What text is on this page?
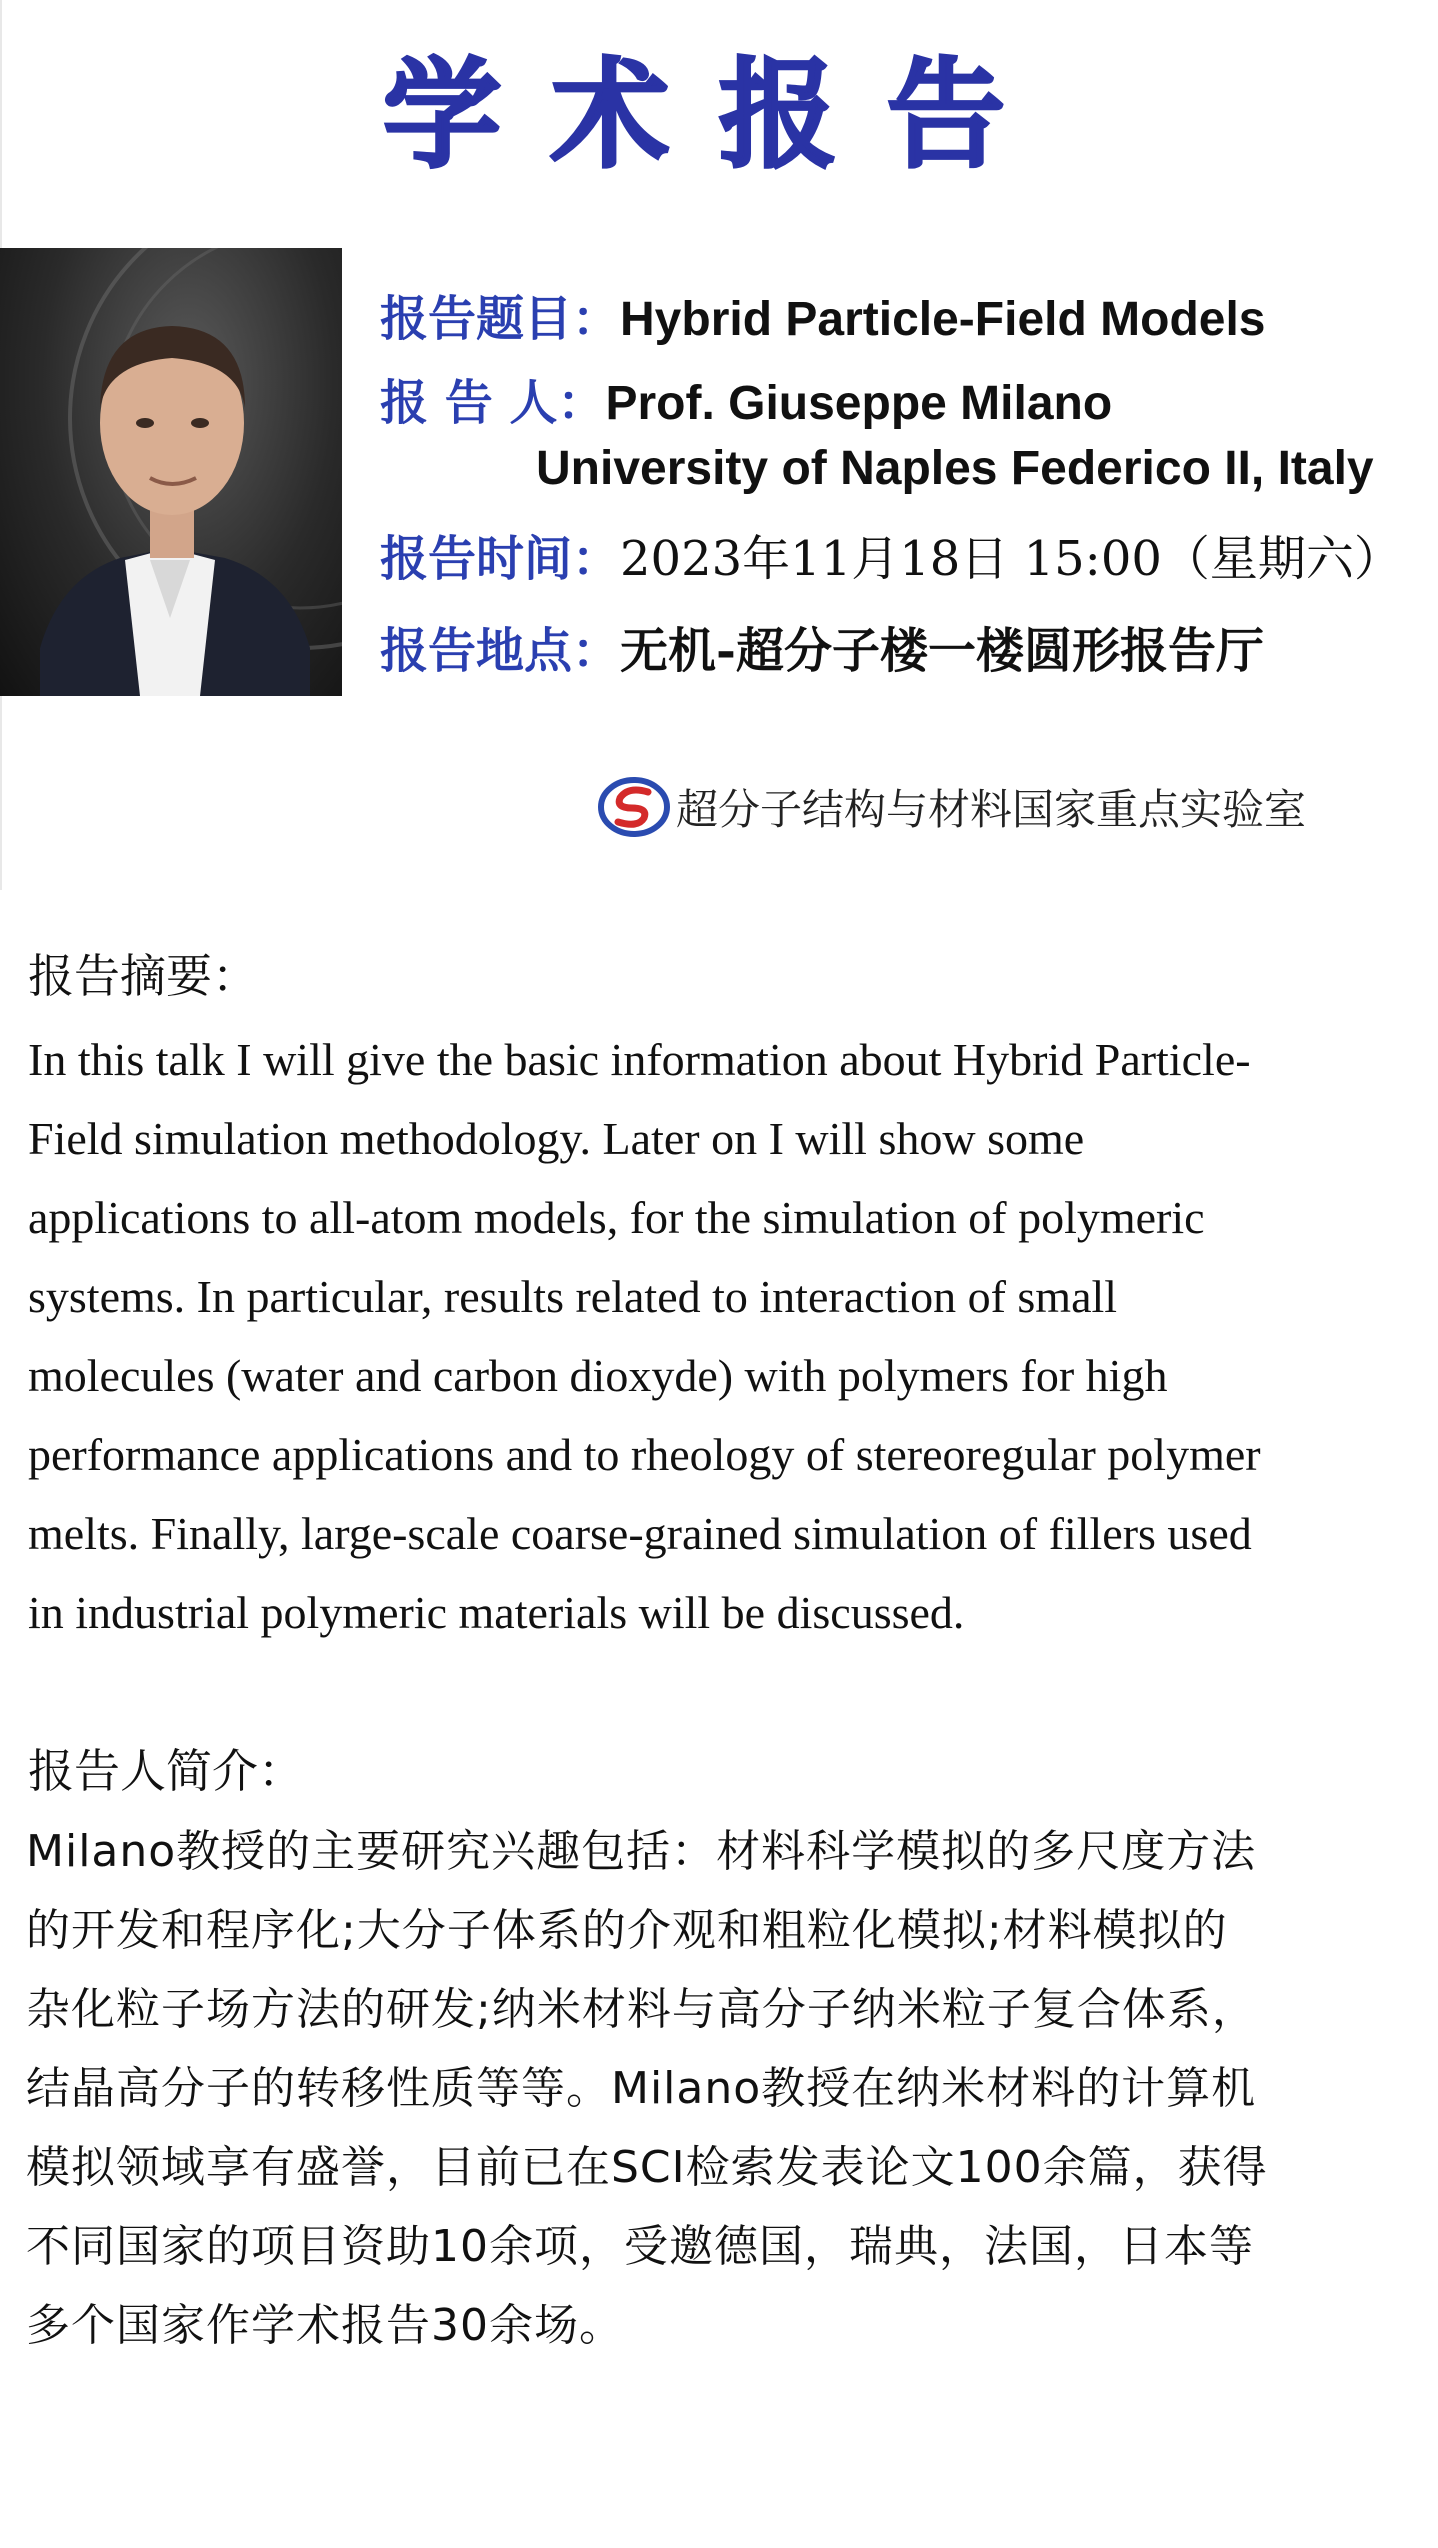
学术报告
报告题目：Hybrid Particle-Field Models
报 告 人：Prof. Giuseppe Milano
University of Naples Federico II, Italy
报告时间：2023年11月18日 15:00（星期六）
报告地点：无机-超分子楼一楼圆形报告厅
超分子结构与材料国家重点实验室
报告摘要：
In this talk I will give the basic information about Hybrid Particle-
Field simulation methodology. Later on I will show some
applications to all-atom models, for the simulation of polymeric
systems. In particular, results related to interaction of small
molecules (water and carbon dioxyde) with polymers for high
performance applications and to rheology of stereoregular polymer
melts. Finally, large-scale coarse-grained simulation of fillers used
in industrial polymeric materials will be discussed.
报告人简介：
Milano教授的主要研究兴趣包括：材料科学模拟的多尺度方法
的开发和程序化;大分子体系的介观和粗粒化模拟;材料模拟的
杂化粒子场方法的研发;纳米材料与高分子纳米粒子复合体系，
结晶高分子的转移性质等等。Milano教授在纳米材料的计算机
模拟领域享有盛誉，目前已在SCI检索发表论文100余篇，获得
不同国家的项目资助10余项，受邀德国，瑞典，法国，日本等
多个国家作学术报告30余场。
